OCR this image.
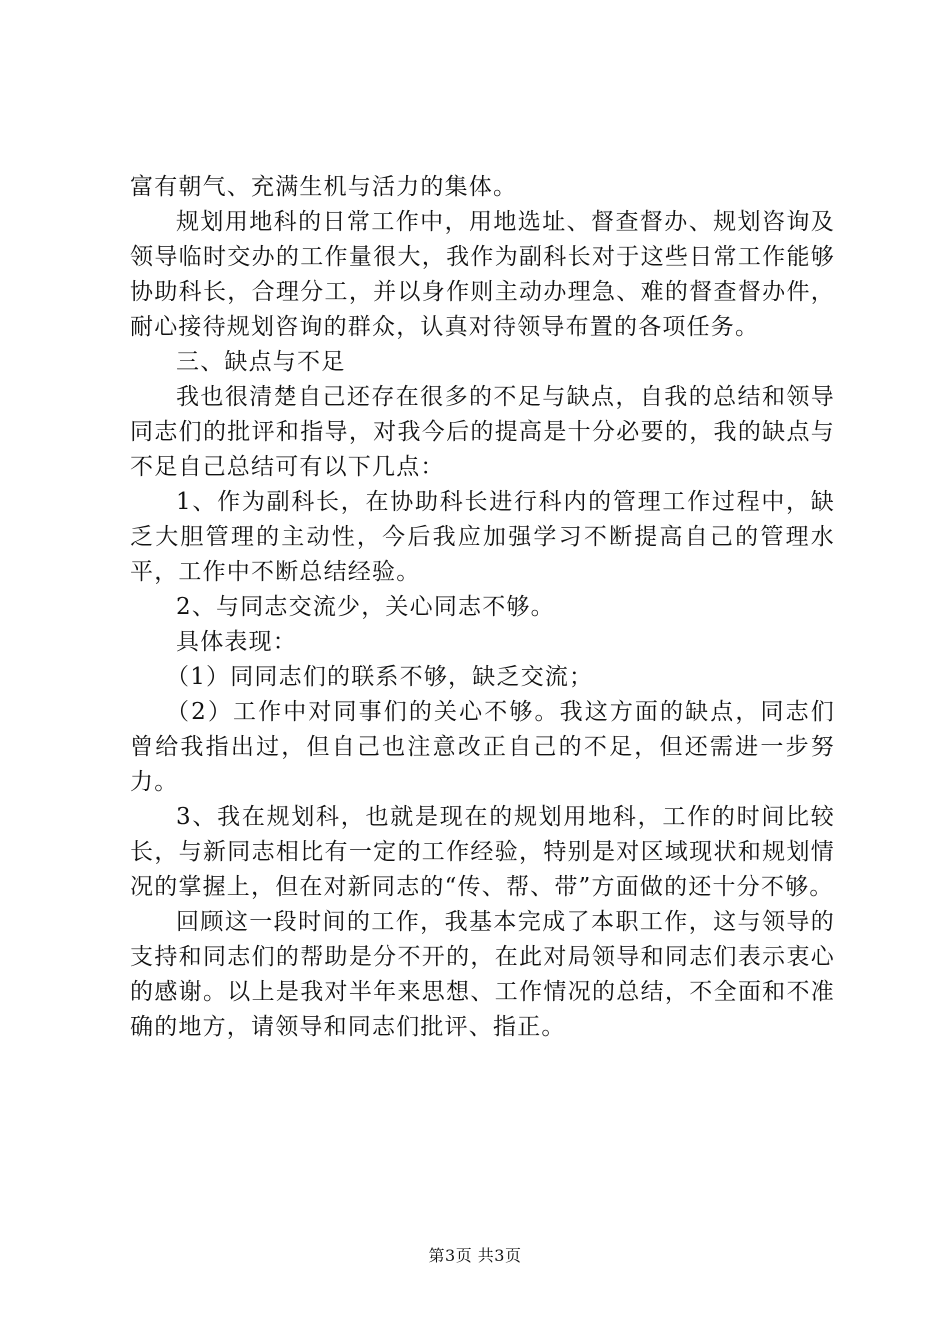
富有朝气、充满生机与活力的集体。

规划用地科的日常工作中，用地选址、督查督办、规划咨询及领导临时交办的工作量很大，我作为副科长对于这些日常工作能够协助科长，合理分工，并以身作则主动办理急、难的督查督办件，耐心接待规划咨询的群众，认真对待领导布置的各项任务。

三、缺点与不足

我也很清楚自己还存在很多的不足与缺点，自我的总结和领导同志们的批评和指导，对我今后的提高是十分必要的，我的缺点与不足自己总结可有以下几点：

1、作为副科长，在协助科长进行科内的管理工作过程中，缺乏大胆管理的主动性，今后我应加强学习不断提高自己的管理水平，工作中不断总结经验。

2、与同志交流少，关心同志不够。

具体表现：

（1）同同志们的联系不够，缺乏交流；

（2）工作中对同事们的关心不够。我这方面的缺点，同志们曾给我指出过，但自己也注意改正自己的不足，但还需进一步努力。

3、我在规划科，也就是现在的规划用地科，工作的时间比较长，与新同志相比有一定的工作经验，特别是对区域现状和规划情况的掌握上，但在对新同志的“传、帮、带”方面做的还十分不够。

回顾这一段时间的工作，我基本完成了本职工作，这与领导的支持和同志们的帮助是分不开的，在此对局领导和同志们表示衷心的感谢。以上是我对半年来思想、工作情况的总结，不全面和不准确的地方，请领导和同志们批评、指正。

第3页 共3页
